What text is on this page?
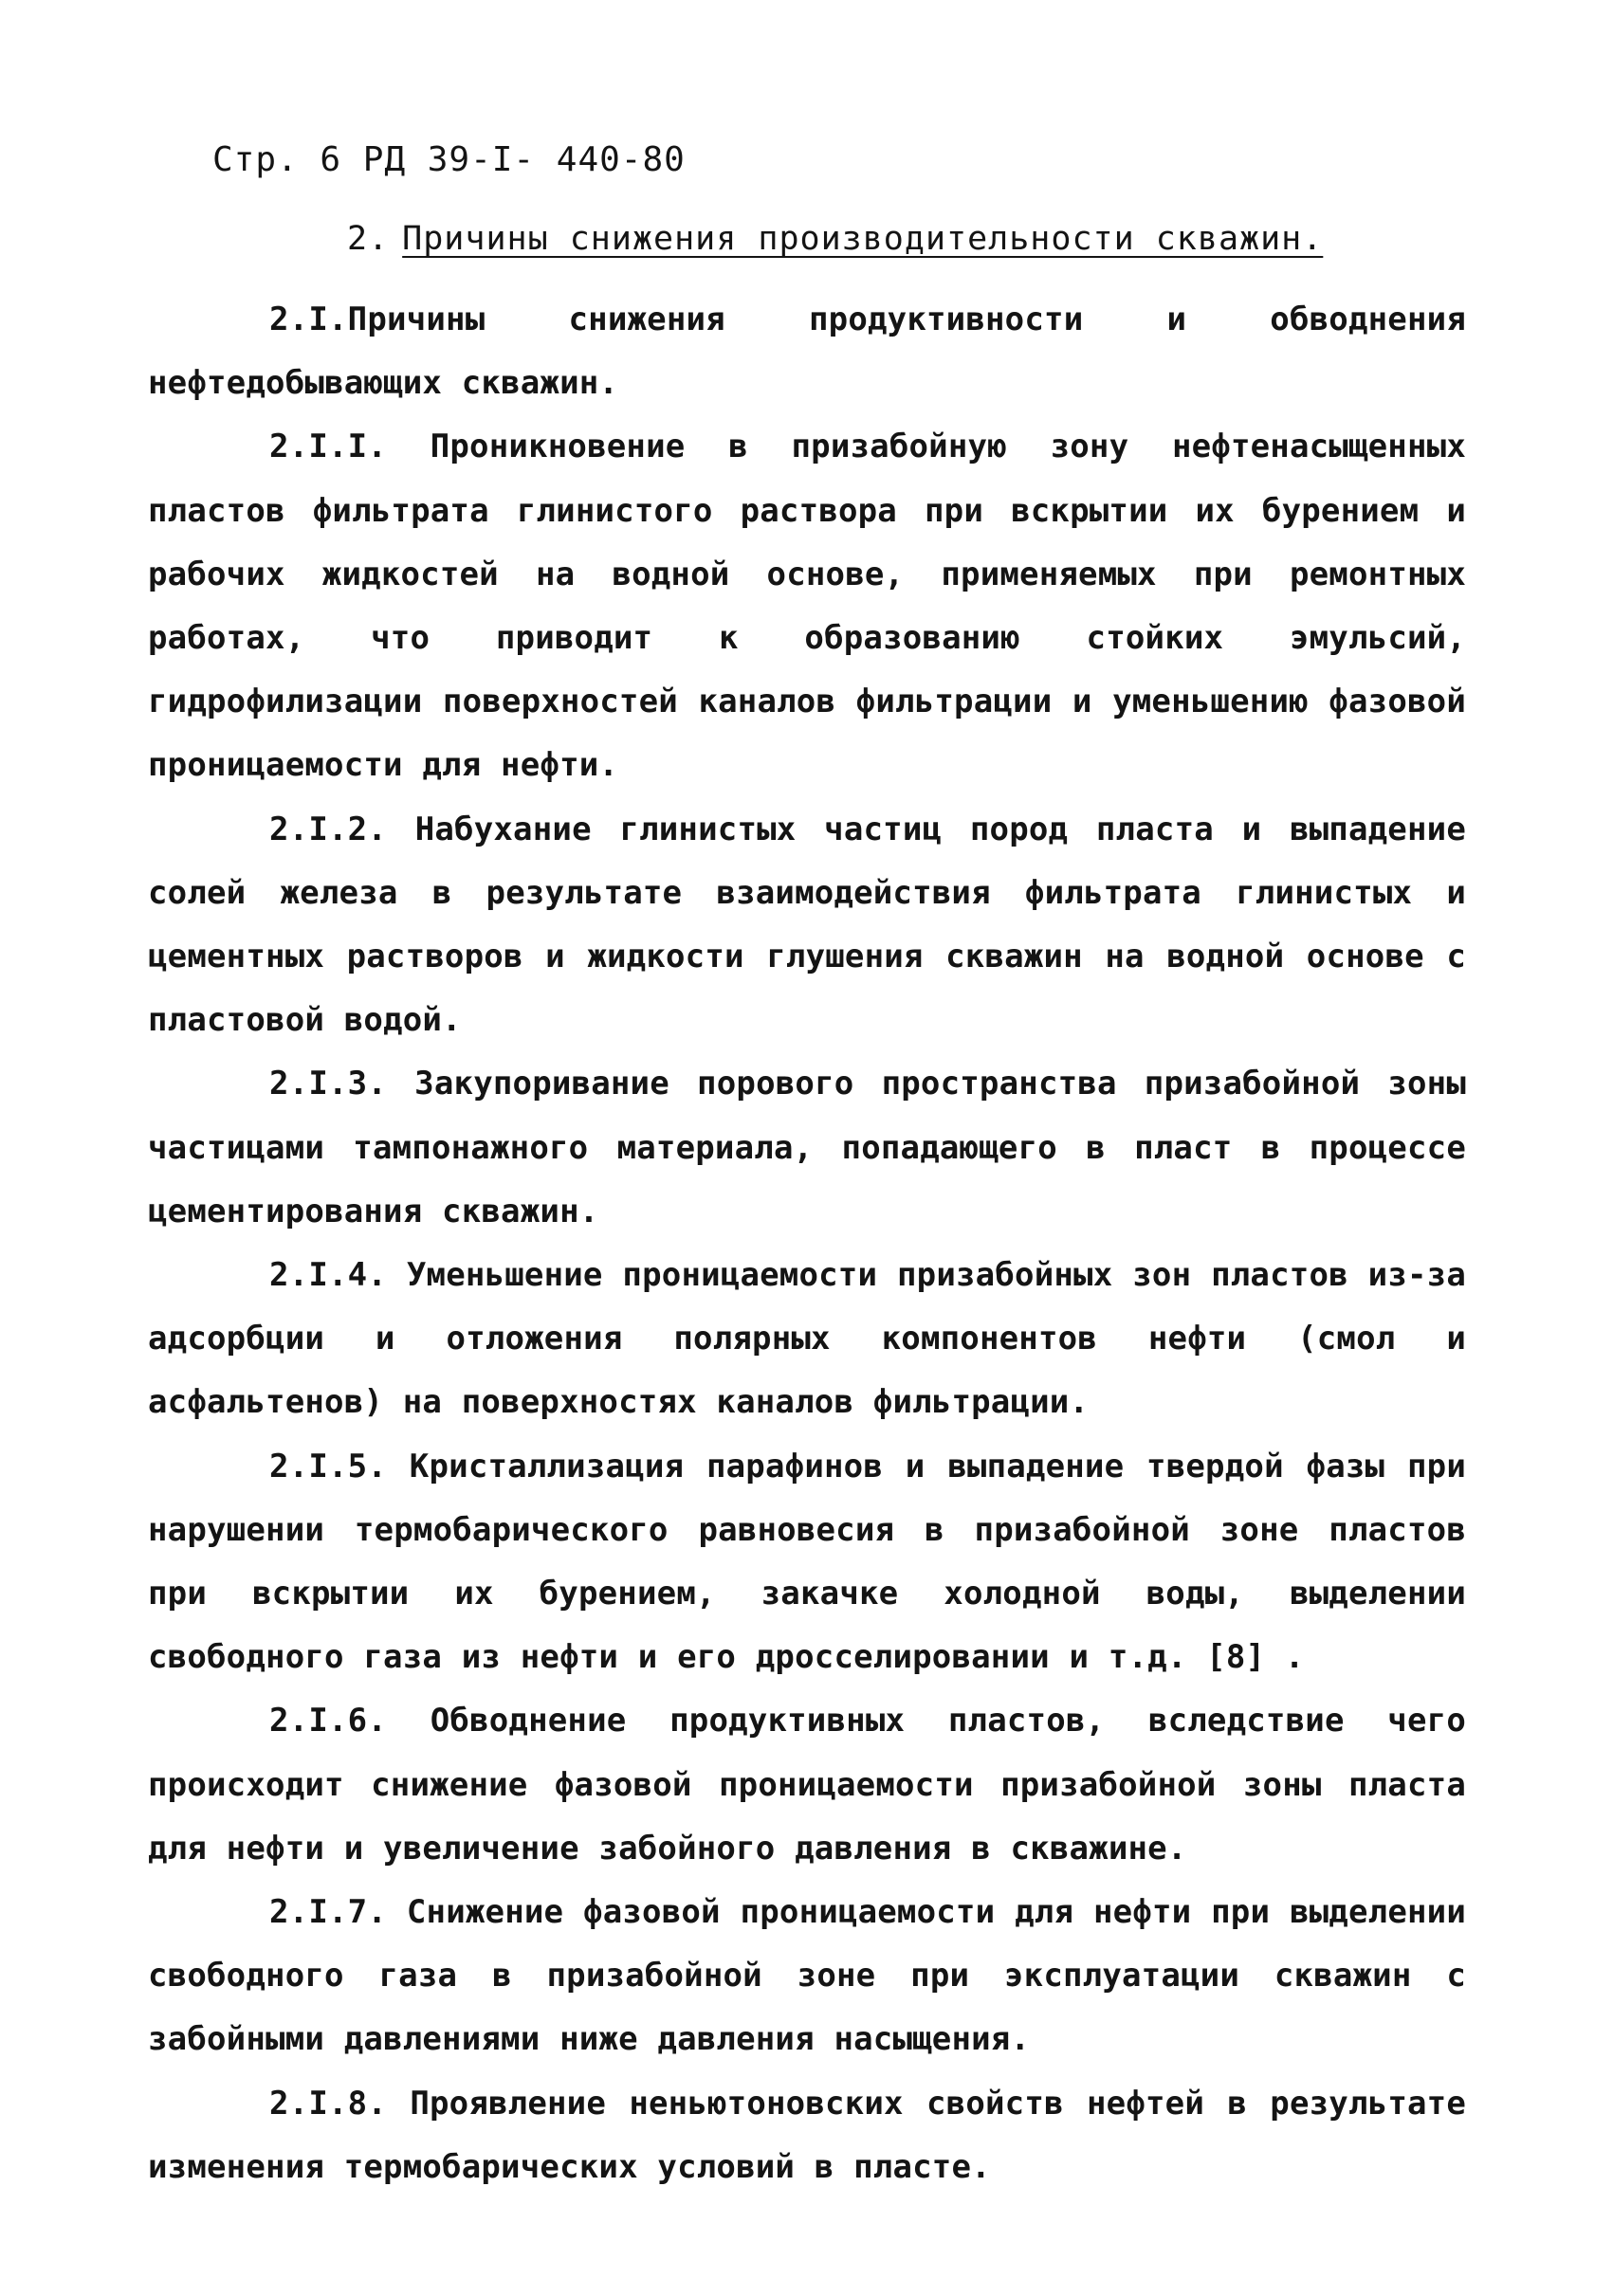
Стр. 6 РД 39-I- 440-80
2. Причины снижения производительности скважин.

2.I.Причины снижения продуктивности и обводнения нефтедобывающих скважин.

2.I.I. Проникновение в призабойную зону нефтенасыщенных пластов фильтрата глинистого раствора при вскрытии их бурением и рабочих жидкостей на водной основе, применяемых при ремонтных работах, что приводит к образованию стойких эмульсий, гидрофилизации поверхностей каналов фильтрации и уменьшению фазовой проницаемости для нефти.

2.I.2. Набухание глинистых частиц пород пласта и выпадение солей железа в результате взаимодействия фильтрата глинистых и цементных растворов и жидкости глушения скважин на водной основе с пластовой водой.

2.I.3. Закупоривание порового пространства призабойной зоны частицами тампонажного материала, попадающего в пласт в процессе цементирования скважин.

2.I.4. Уменьшение проницаемости призабойных зон пластов из-за адсорбции и отложения полярных компонентов нефти (смол и асфальтенов) на поверхностях каналов фильтрации.

2.I.5. Кристаллизация парафинов и выпадение твердой фазы при нарушении термобарического равновесия в призабойной зоне пластов при вскрытии их бурением, закачке холодной воды, выделении свободного газа из нефти и его дросселировании и т.д. [8] .

2.I.6. Обводнение продуктивных пластов, вследствие чего происходит снижение фазовой проницаемости призабойной зоны пласта для нефти и увеличение забойного давления в скважине.

2.I.7. Снижение фазовой проницаемости для нефти при выделении свободного газа в призабойной зоне при эксплуатации скважин с забойными давлениями ниже давления насыщения.

2.I.8. Проявление неньютоновских свойств нефтей в результате изменения термобарических условий в пласте.
